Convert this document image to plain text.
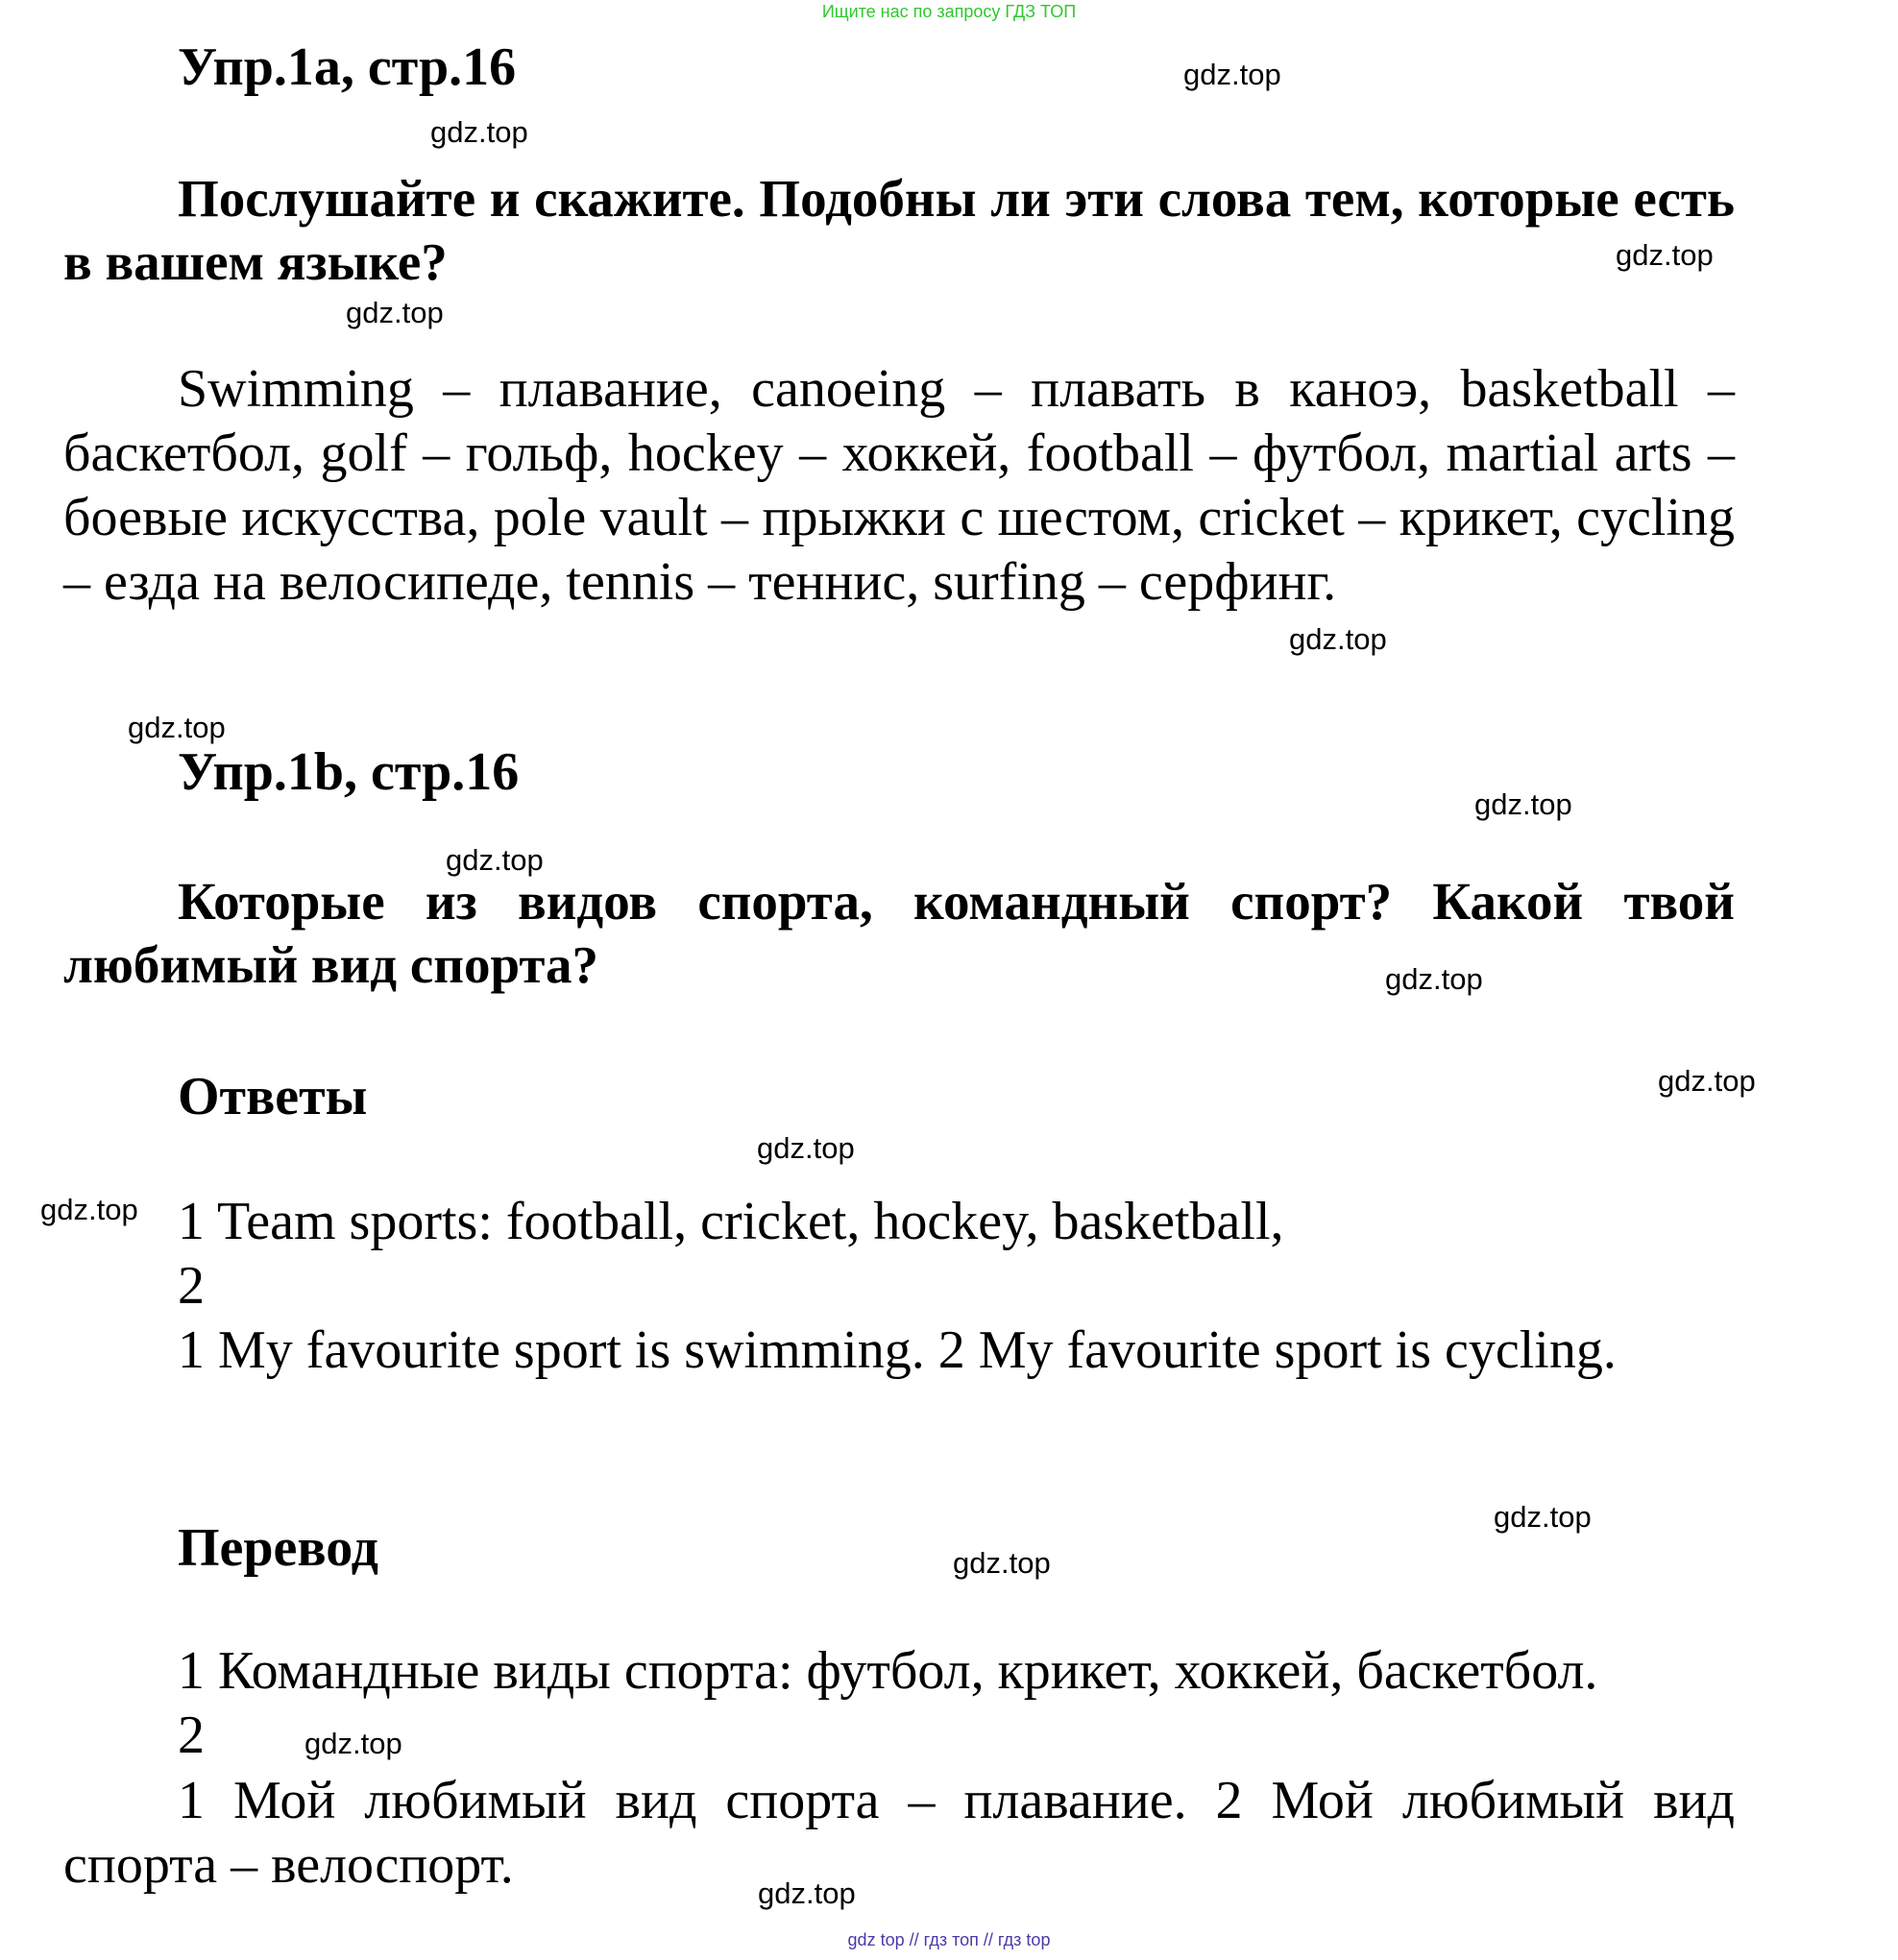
Ищите нас по запросу ГДЗ ТОП
Упр.1a, стр.16
Послушайте и скажите. Подобны ли эти слова тем, которые есть в вашем языке?
Swimming – плавание, canoeing – плавать в каноэ, basketball – баскетбол, golf – гольф, hockey – хоккей, football – футбол, martial arts – боевые искусства, pole vault – прыжки с шестом, cricket – крикет, cycling – езда на велосипеде, tennis – теннис, surfing – серфинг.
Упр.1b, стр.16
Которые из видов спорта, командный спорт? Какой твой любимый вид спорта?
Ответы
1 Team sports: football, cricket, hockey, basketball,
2
1 My favourite sport is swimming. 2 My favourite sport is cycling.
Перевод
1 Командные виды спорта: футбол, крикет, хоккей, баскетбол.
2
1 Мой любимый вид спорта – плавание. 2 Мой любимый вид спорта – велоспорт.
gdz.top
gdz.top
gdz.top
gdz.top
gdz.top
gdz.top
gdz.top
gdz.top
gdz.top
gdz.top
gdz.top
gdz.top
gdz.top
gdz.top
gdz.top
gdz.top
gdz top // гдз топ // гдз top
